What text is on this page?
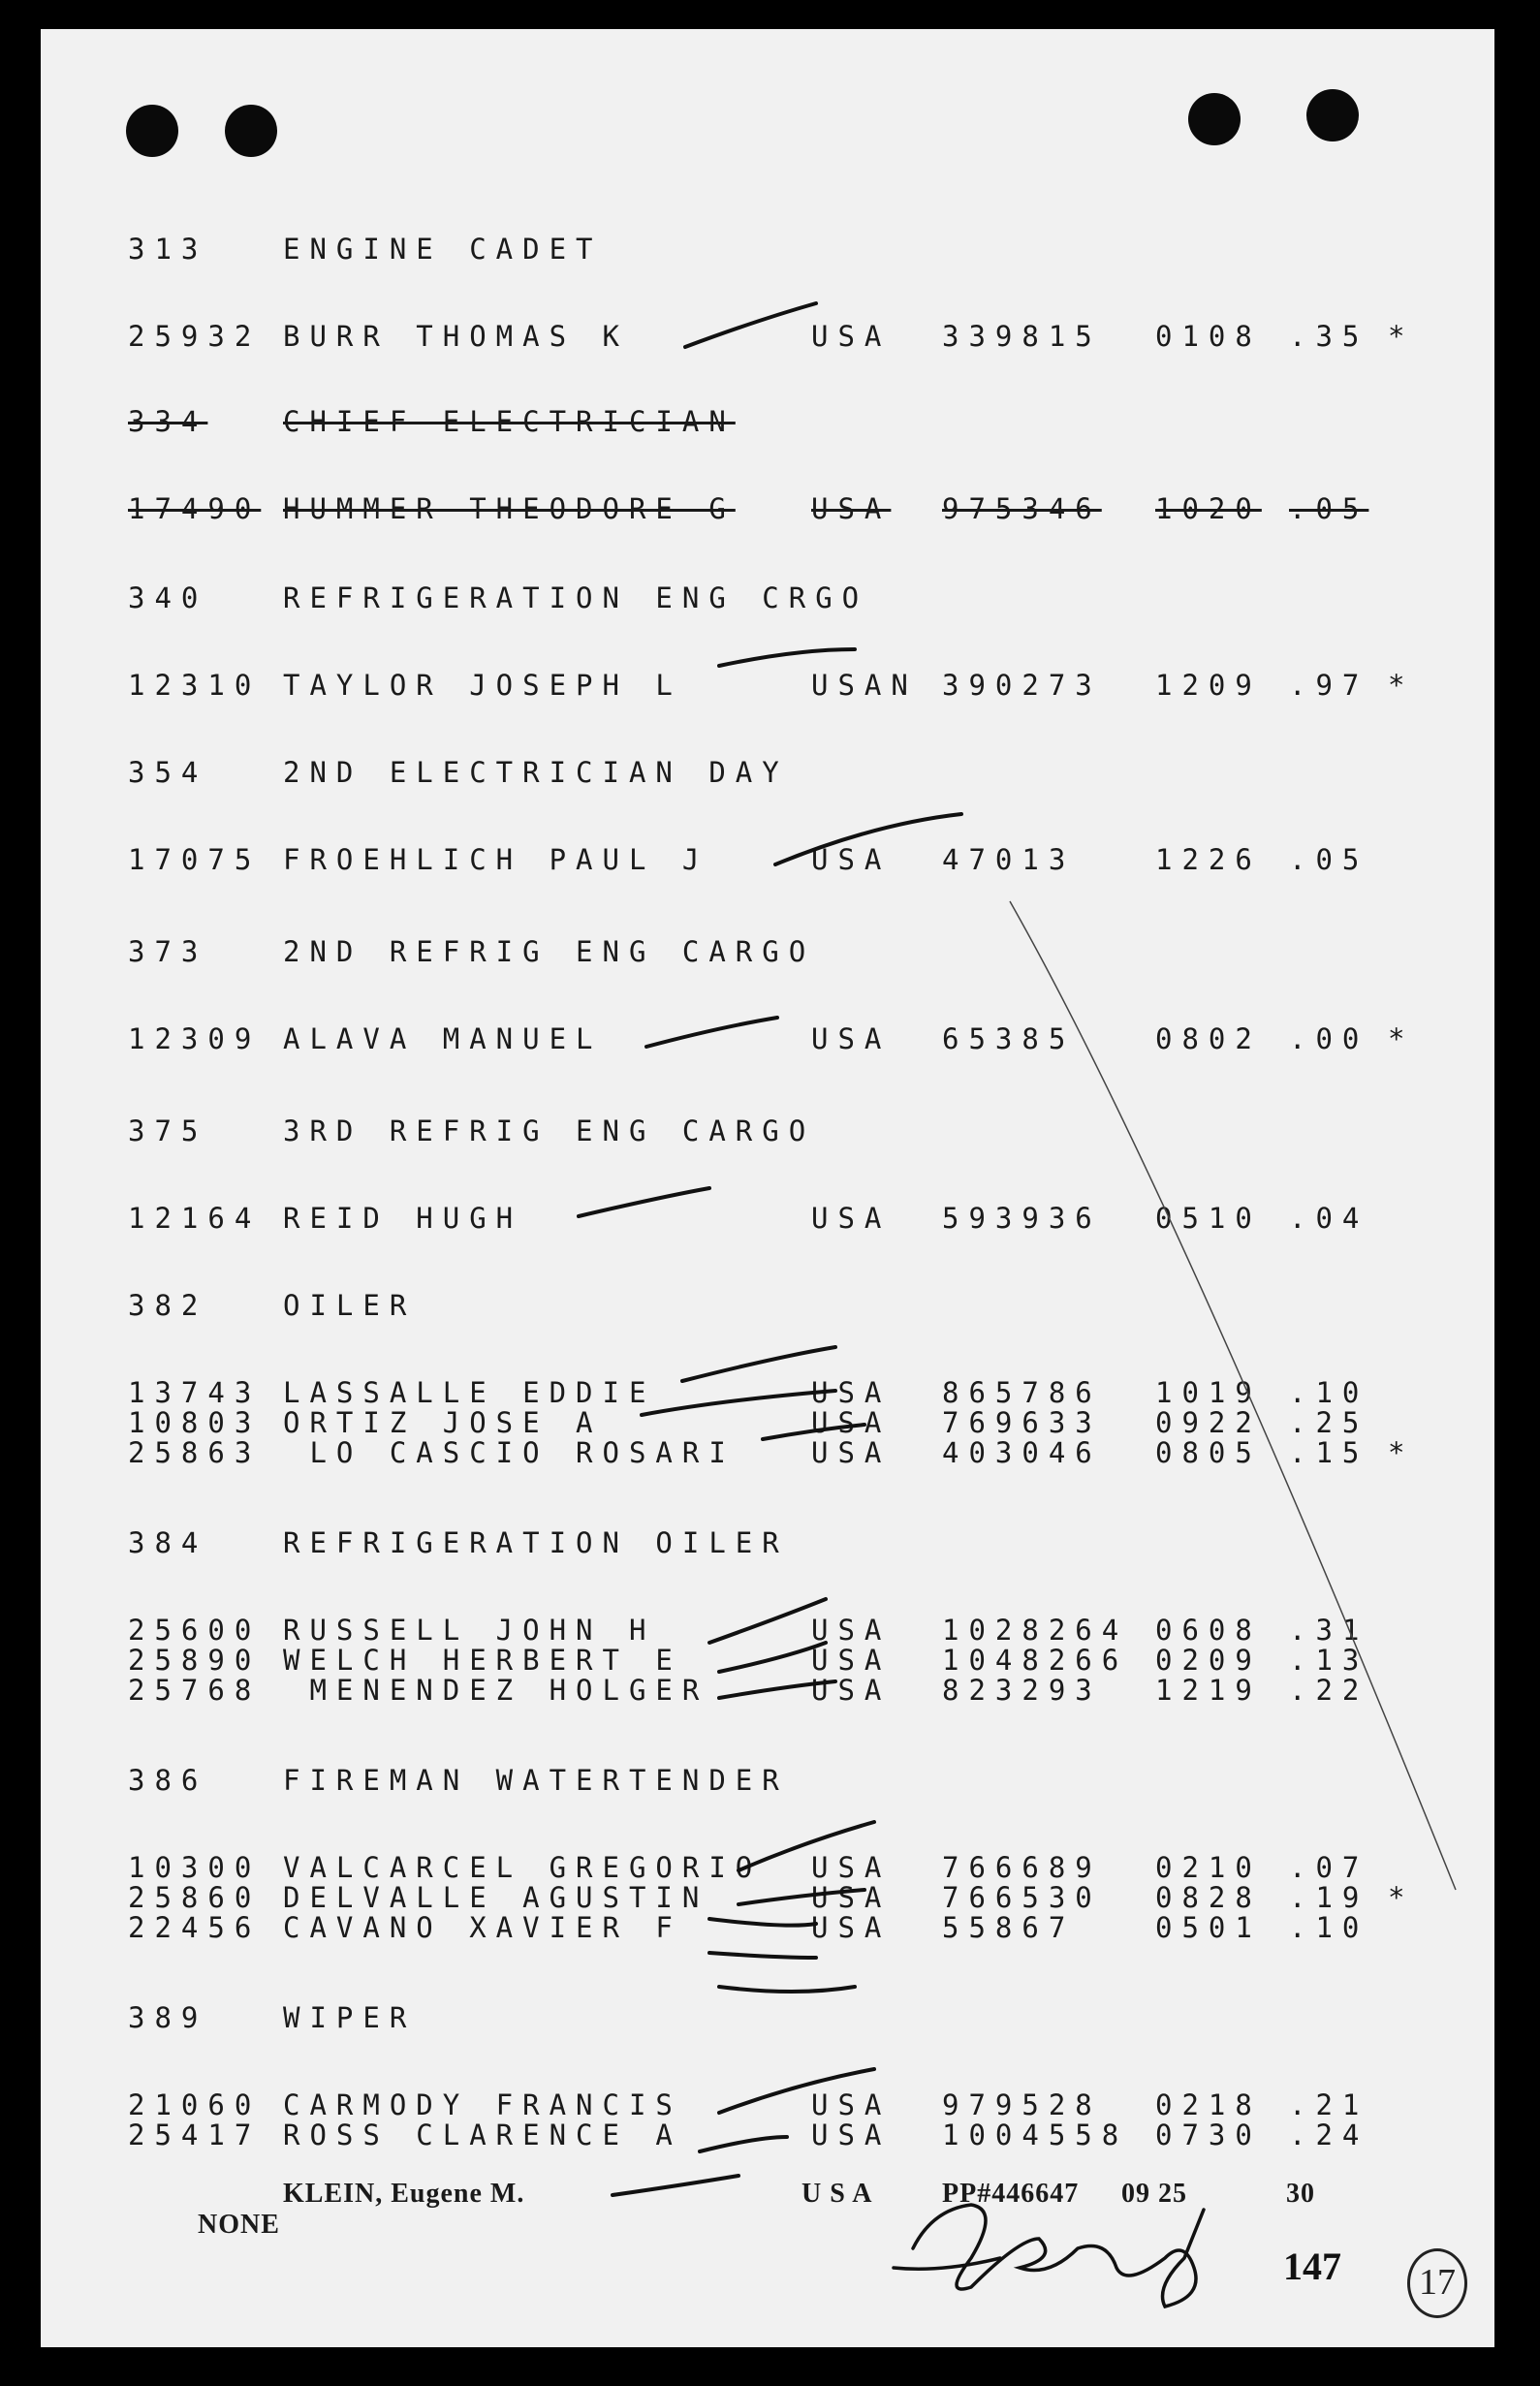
313	ENGINE CADET
25932 BURR THOMAS K	USA 339815 0108 .35 *
334	CHIEF ELECTRICIAN
17490 HUMMER THEODORE G	USA 975346 1020 .05
340	REFRIGERATION ENG CRGO
12310 TAYLOR JOSEPH L	USAN 390273 1209 .97 *
354	2ND ELECTRICIAN DAY
17075 FROEHLICH PAUL J	USA 47013	1226 .05
373	2ND REFRIG ENG CARGO
12309 ALAVA MANUEL	USA 65385	0802 .00 *
375	3RD REFRIG ENG CARGO
12164 REID HUGH	USA 593936 0510 .04
382	OILER
13743 LASSALLE EDDIE	USA 865786 1019 .10
10803 ORTIZ JOSE A	USA 769633 0922 .25
25863 LO CASCIO ROSARI	USA 403046 0805 .15 *
384	REFRIGERATION OILER
25600 RUSSELL JOHN H	USA 1028264 0608 .31
25890 WELCH HERBERT E	USA 1048266 0209 .13
25768 MENENDEZ HOLGER	USA 823293 1219 .22
386	FIREMAN WATERTENDER
10300 VALCARCEL GREGORIO USA 766689 0210 .07
25860 DELVALLE AGUSTIN	USA 766530 0828 .19 *
22456 CAVANO XAVIER F	USA 55867	0501 .10
389	WIPER
21060 CARMODY FRANCIS	USA 979528 0218 .21
25417 ROSS CLARENCE A	USA 1004558 0730 .24

NONE

KLEIN, Eugene M.	U S A	PP#446647 09 25	30
147	17
